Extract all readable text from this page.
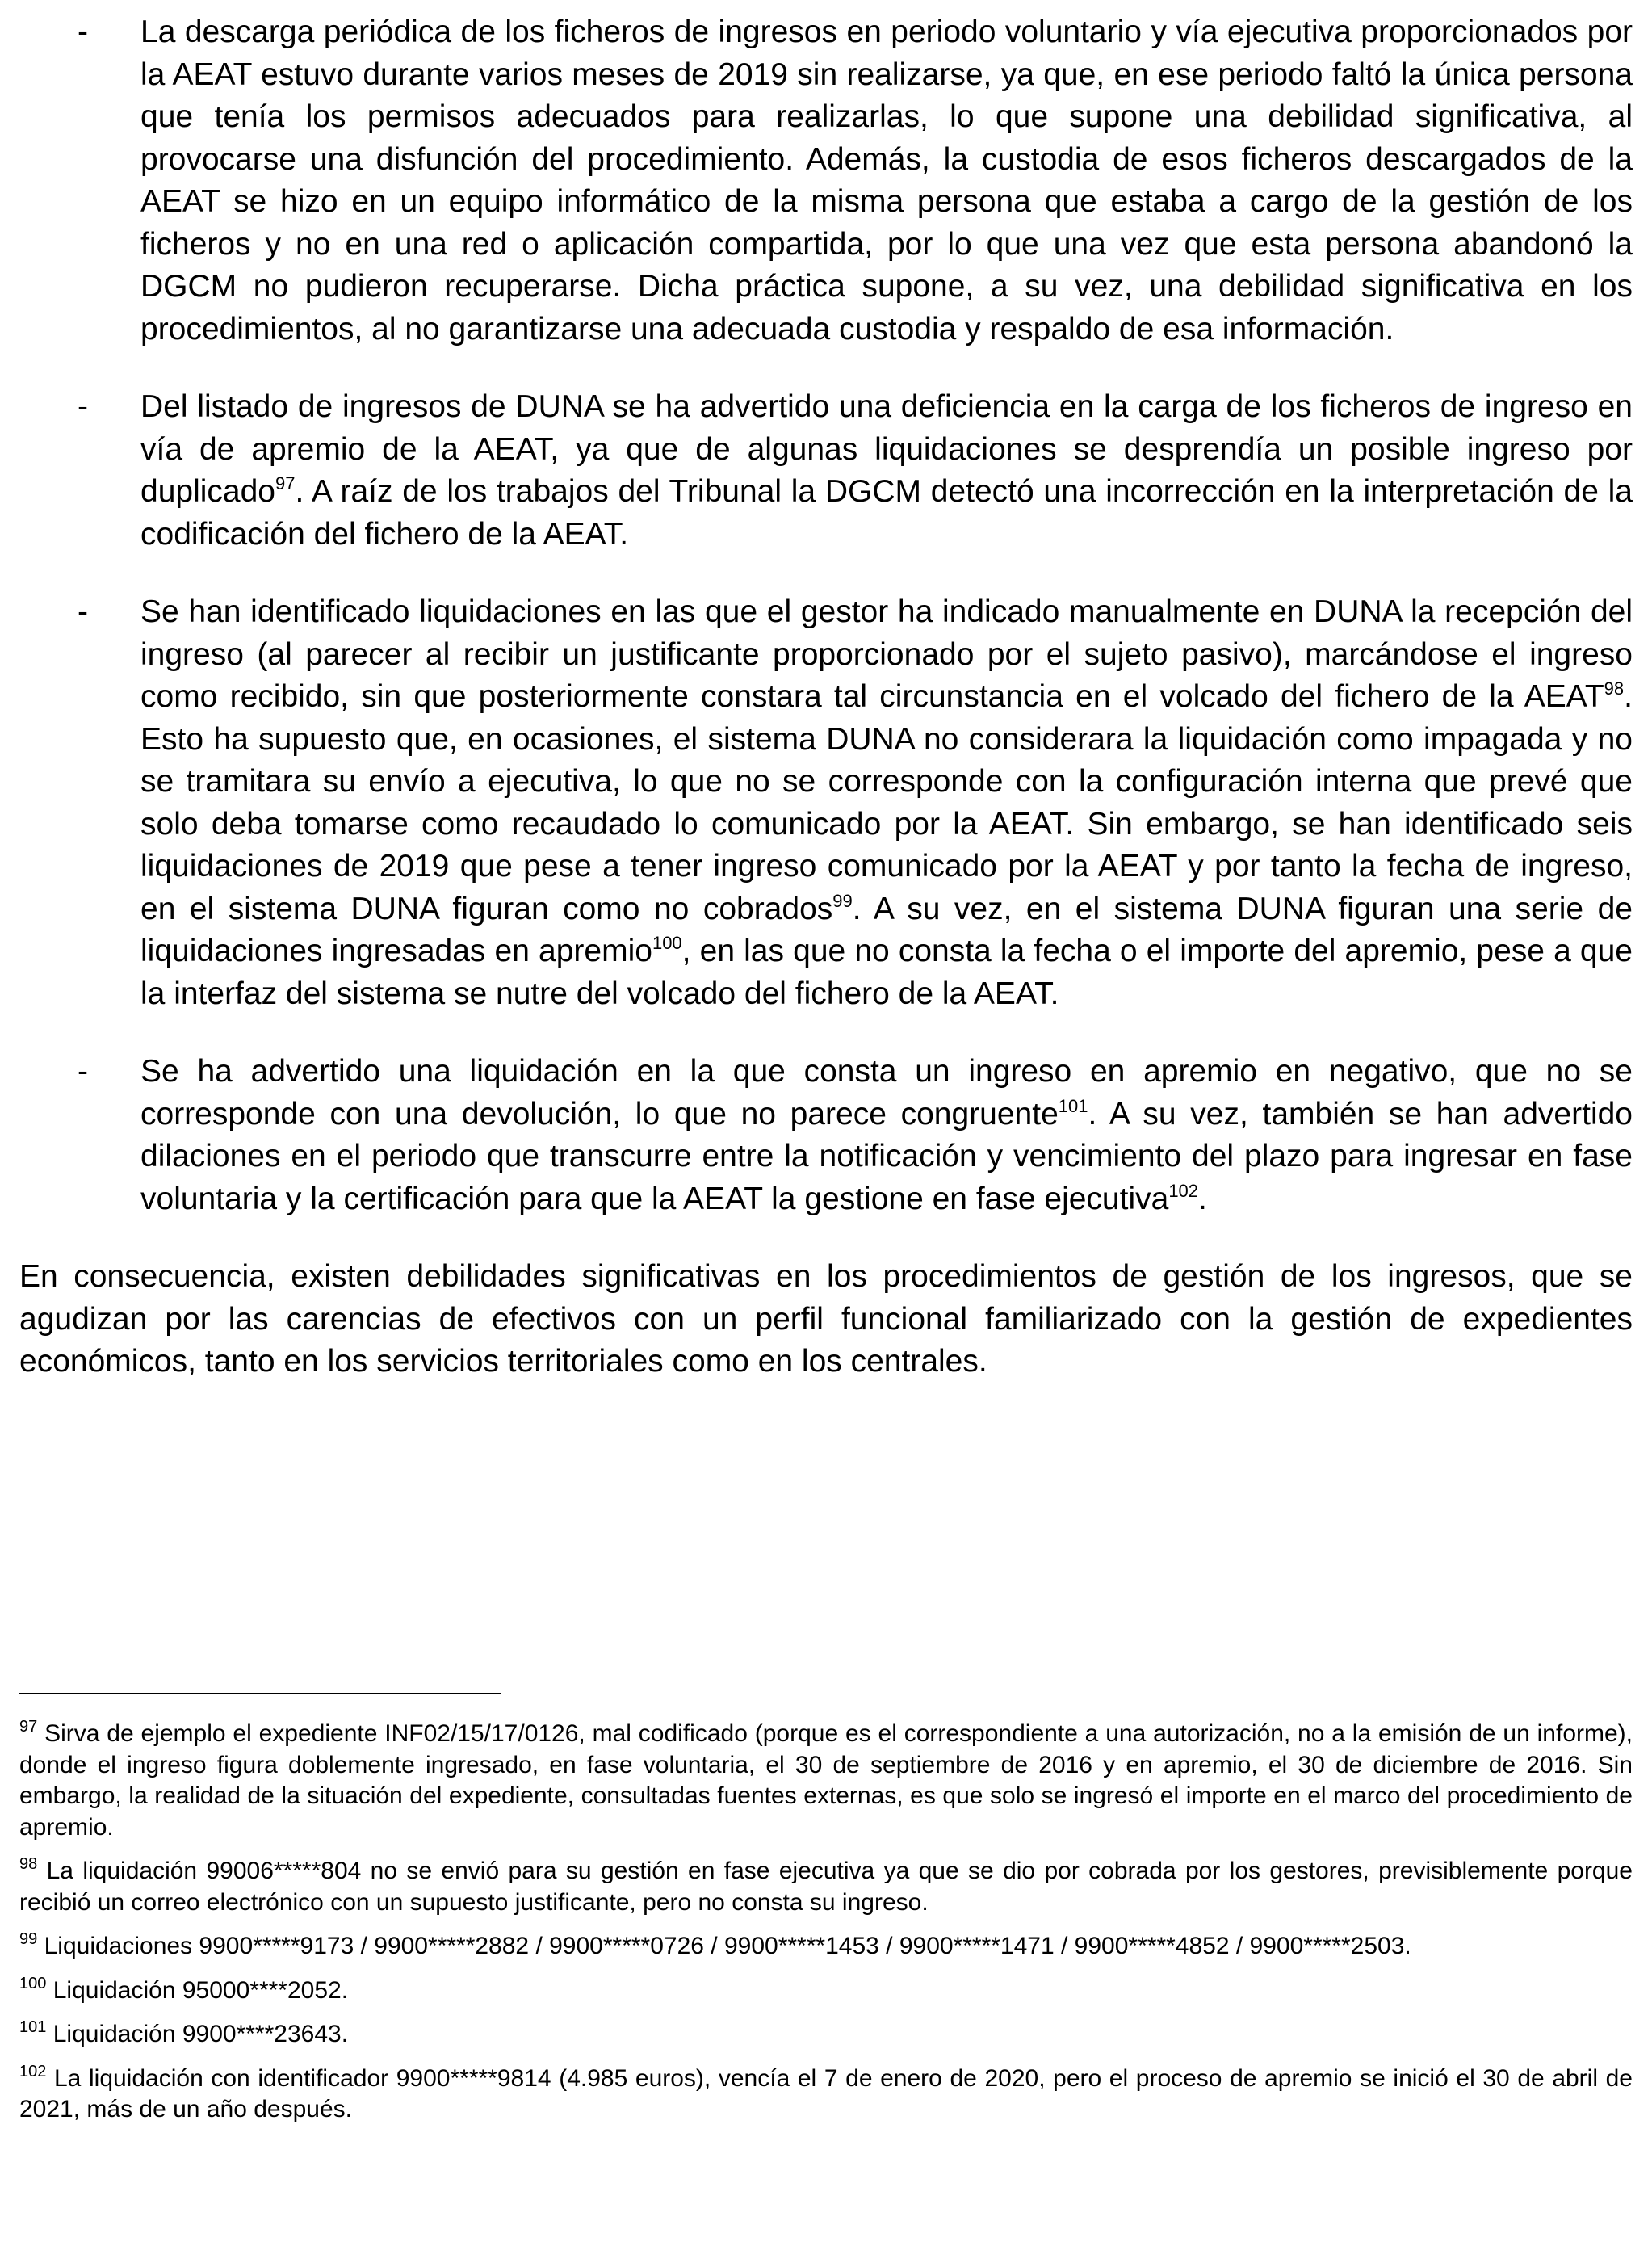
- La descarga periódica de los ficheros de ingresos en periodo voluntario y vía ejecutiva proporcionados por la AEAT estuvo durante varios meses de 2019 sin realizarse, ya que, en ese periodo faltó la única persona que tenía los permisos adecuados para realizarlas, lo que supone una debilidad significativa, al provocarse una disfunción del procedimiento. Además, la custodia de esos ficheros descargados de la AEAT se hizo en un equipo informático de la misma persona que estaba a cargo de la gestión de los ficheros y no en una red o aplicación compartida, por lo que una vez que esta persona abandonó la DGCM no pudieron recuperarse. Dicha práctica supone, a su vez, una debilidad significativa en los procedimientos, al no garantizarse una adecuada custodia y respaldo de esa información.
- Del listado de ingresos de DUNA se ha advertido una deficiencia en la carga de los ficheros de ingreso en vía de apremio de la AEAT, ya que de algunas liquidaciones se desprendía un posible ingreso por duplicado$^{97}$. A raíz de los trabajos del Tribunal la DGCM detectó una incorrección en la interpretación de la codificación del fichero de la AEAT.
- Se han identificado liquidaciones en las que el gestor ha indicado manualmente en DUNA la recepción del ingreso (al parecer al recibir un justificante proporcionado por el sujeto pasivo), marcándose el ingreso como recibido, sin que posteriormente constara tal circunstancia en el volcado del fichero de la AEAT$^{98}$. Esto ha supuesto que, en ocasiones, el sistema DUNA no considerara la liquidación como impagada y no se tramitara su envío a ejecutiva, lo que no se corresponde con la configuración interna que prevé que solo deba tomarse como recaudado lo comunicado por la AEAT. Sin embargo, se han identificado seis liquidaciones de 2019 que pese a tener ingreso comunicado por la AEAT y por tanto la fecha de ingreso, en el sistema DUNA figuran como no cobrados$^{99}$. A su vez, en el sistema DUNA figuran una serie de liquidaciones ingresadas en apremio$^{100}$, en las que no consta la fecha o el importe del apremio, pese a que la interfaz del sistema se nutre del volcado del fichero de la AEAT.
- Se ha advertido una liquidación en la que consta un ingreso en apremio en negativo, que no se corresponde con una devolución, lo que no parece congruente$^{101}$. A su vez, también se han advertido dilaciones en el periodo que transcurre entre la notificación y vencimiento del plazo para ingresar en fase voluntaria y la certificación para que la AEAT la gestione en fase ejecutiva$^{102}$.

En consecuencia, existen debilidades significativas en los procedimientos de gestión de los ingresos, que se agudizan por las carencias de efectivos con un perfil funcional familiarizado con la gestión de expedientes económicos, tanto en los servicios territoriales como en los centrales.

$^{97}$ Sirva de ejemplo el expediente INF02/15/17/0126, mal codificado (porque es el correspondiente a una autorización, no a la emisión de un informe), donde el ingreso figura doblemente ingresado, en fase voluntaria, el 30 de septiembre de 2016 y en apremio, el 30 de diciembre de 2016. Sin embargo, la realidad de la situación del expediente, consultadas fuentes externas, es que solo se ingresó el importe en el marco del procedimiento de apremio.

$^{98}$ La liquidación 99006*****804 no se envió para su gestión en fase ejecutiva ya que se dio por cobrada por los gestores, previsiblemente porque recibió un correo electrónico con un supuesto justificante, pero no consta su ingreso.

$^{99}$ Liquidaciones 9900*****9173 / 9900*****2882 / 9900*****0726 / 9900*****1453 / 9900*****1471 / 9900*****4852 / 9900*****2503.

$^{100}$ Liquidación 95000****2052.

$^{101}$ Liquidación 9900****23643.

$^{102}$ La liquidación con identificador 9900*****9814 (4.985 euros), vencía el 7 de enero de 2020, pero el proceso de apremio se inició el 30 de abril de 2021, más de un año después.
